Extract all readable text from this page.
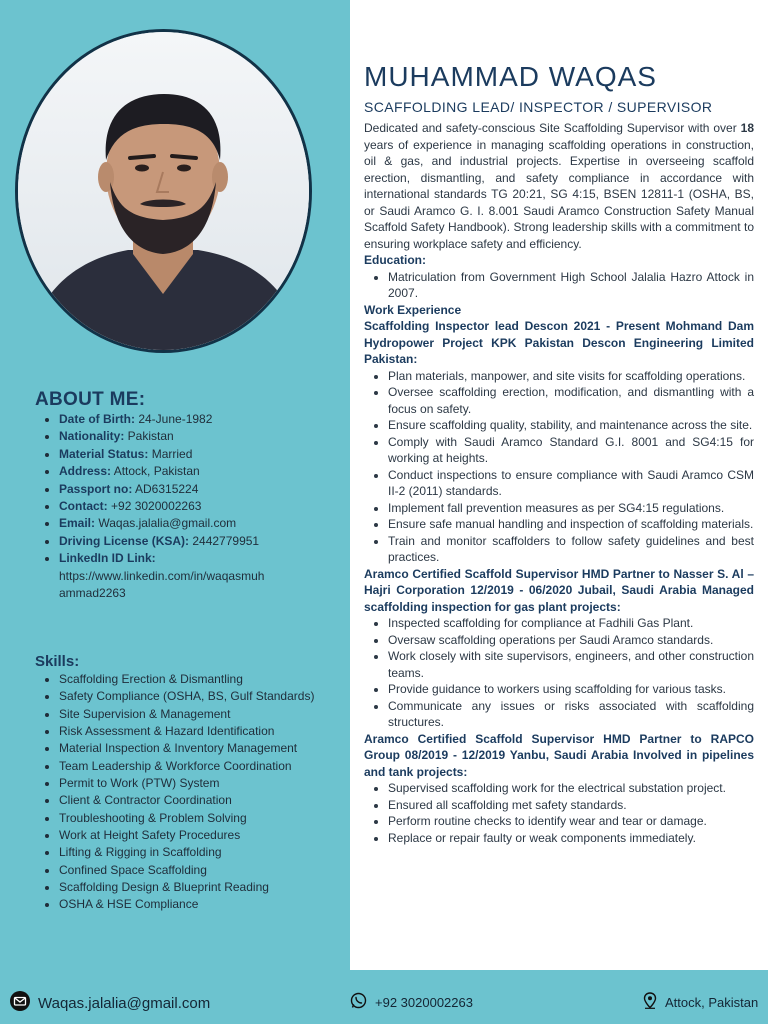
ABOUT ME:
• Date of Birth: 24-June-1982
• Nationality: Pakistan
• Material Status: Married
• Address: Attock, Pakistan
• Passport no: AD6315224
• Contact: +92 3020002263
• Email: Waqas.jalalia@gmail.com
• Driving License (KSA): 2442779951
• LinkedIn ID Link:
https://www.linkedin.com/in/waqasmuh
ammad2263
Skills:
• Scaffolding Erection & Dismantling
• Safety Compliance (OSHA, BS, Gulf Standards)
• Site Supervision & Management
• Risk Assessment & Hazard Identification
• Material Inspection & Inventory Management
• Team Leadership & Workforce Coordination
• Permit to Work (PTW) System
• Client & Contractor Coordination
• Troubleshooting & Problem Solving
• Work at Height Safety Procedures
• Lifting & Rigging in Scaffolding
• Confined Space Scaffolding
• Scaffolding Design & Blueprint Reading
• OSHA & HSE Compliance
MUHAMMAD WAQAS
SCAFFOLDING LEAD/ INSPECTOR / SUPERVISOR

Dedicated and safety-conscious Site Scaffolding Supervisor with over 18 years of experience in managing scaffolding operations in construction, oil & gas, and industrial projects. Expertise in overseeing scaffold erection, dismantling, and safety compliance in accordance with international standards TG 20:21, SG 4:15, BSEN 12811-1 (OSHA, BS, or Saudi Aramco G. I. 8.001 Saudi Aramco Construction Safety Manual Scaffold Safety Handbook). Strong leadership skills with a commitment to ensuring workplace safety and efficiency.

Education:

• Matriculation from Government High School Jalalia Hazro Attock in 2007.

Work Experience

Scaffolding Inspector lead Descon 2021 - Present Mohmand Dam Hydropower Project KPK Pakistan Descon Engineering Limited Pakistan:

• Plan materials, manpower, and site visits for scaffolding operations.
• Oversee scaffolding erection, modification, and dismantling with a focus on safety.
• Ensure scaffolding quality, stability, and maintenance across the site.
• Comply with Saudi Aramco Standard G.I. 8001 and SG4:15 for working at heights.
• Conduct inspections to ensure compliance with Saudi Aramco CSM II-2 (2011) standards.
• Implement fall prevention measures as per SG4:15 regulations.
• Ensure safe manual handling and inspection of scaffolding materials.
• Train and monitor scaffolders to follow safety guidelines and best practices.

Aramco Certified Scaffold Supervisor HMD Partner to Nasser S. Al – Hajri Corporation 12/2019 - 06/2020 Jubail, Saudi Arabia Managed scaffolding inspection for gas plant projects:

• Inspected scaffolding for compliance at Fadhili Gas Plant.
• Oversaw scaffolding operations per Saudi Aramco standards.
• Work closely with site supervisors, engineers, and other construction teams.
• Provide guidance to workers using scaffolding for various tasks.
• Communicate any issues or risks associated with scaffolding structures.

Aramco Certified Scaffold Supervisor HMD Partner to RAPCO Group 08/2019 - 12/2019 Yanbu, Saudi Arabia Involved in pipelines and tank projects:

• Supervised scaffolding work for the electrical substation project.
• Ensured all scaffolding met safety standards.
• Perform routine checks to identify wear and tear or damage.
• Replace or repair faulty or weak components immediately.
Waqas.jalalia@gmail.com	+92 3020002263	Attock, Pakistan
